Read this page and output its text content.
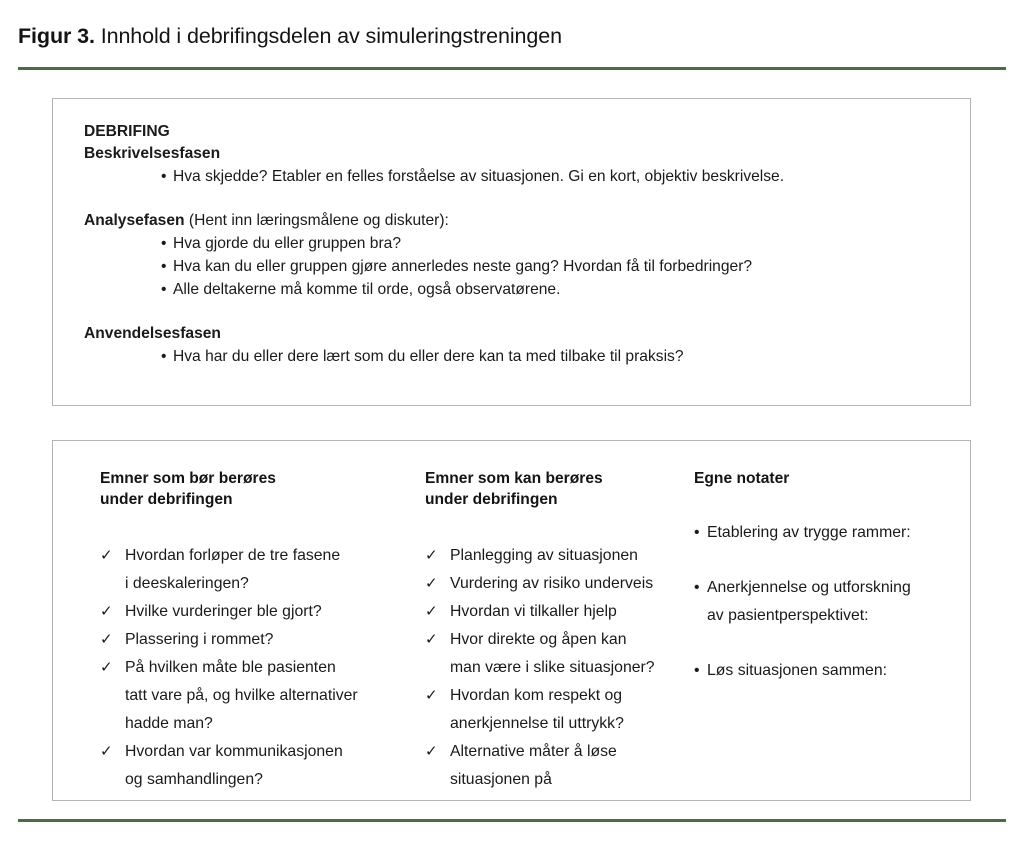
Figur 3. Innhold i debrifingsdelen av simuleringstreningen
DEBRIFING
Beskrivelsesfasen
• Hva skjedde? Etabler en felles forståelse av situasjonen. Gi en kort, objektiv beskrivelse.
Analysefasen (Hent inn læringsmålene og diskuter):
• Hva gjorde du eller gruppen bra?
• Hva kan du eller gruppen gjøre annerledes neste gang? Hvordan få til forbedringer?
• Alle deltakerne må komme til orde, også observatørene.
Anvendelsesfasen
• Hva har du eller dere lært som du eller dere kan ta med tilbake til praksis?
Emner som bør berøres
under debrifingen
✓ Hvordan forløper de tre fasene
i deeskaleringen?
✓ Hvilke vurderinger ble gjort?
✓ Plassering i rommet?
✓ På hvilken måte ble pasienten
tatt vare på, og hvilke alternativer
hadde man?
✓ Hvordan var kommunikasjonen
og samhandlingen?
Emner som kan berøres
under debrifingen
✓ Planlegging av situasjonen
✓ Vurdering av risiko underveis
✓ Hvordan vi tilkaller hjelp
✓ Hvor direkte og åpen kan
man være i slike situasjoner?
✓ Hvordan kom respekt og
anerkjennelse til uttrykk?
✓ Alternative måter å løse
situasjonen på
Egne notater
• Etablering av trygge rammer:
• Anerkjennelse og utforskning
av pasientperspektivet:
• Løs situasjonen sammen:
